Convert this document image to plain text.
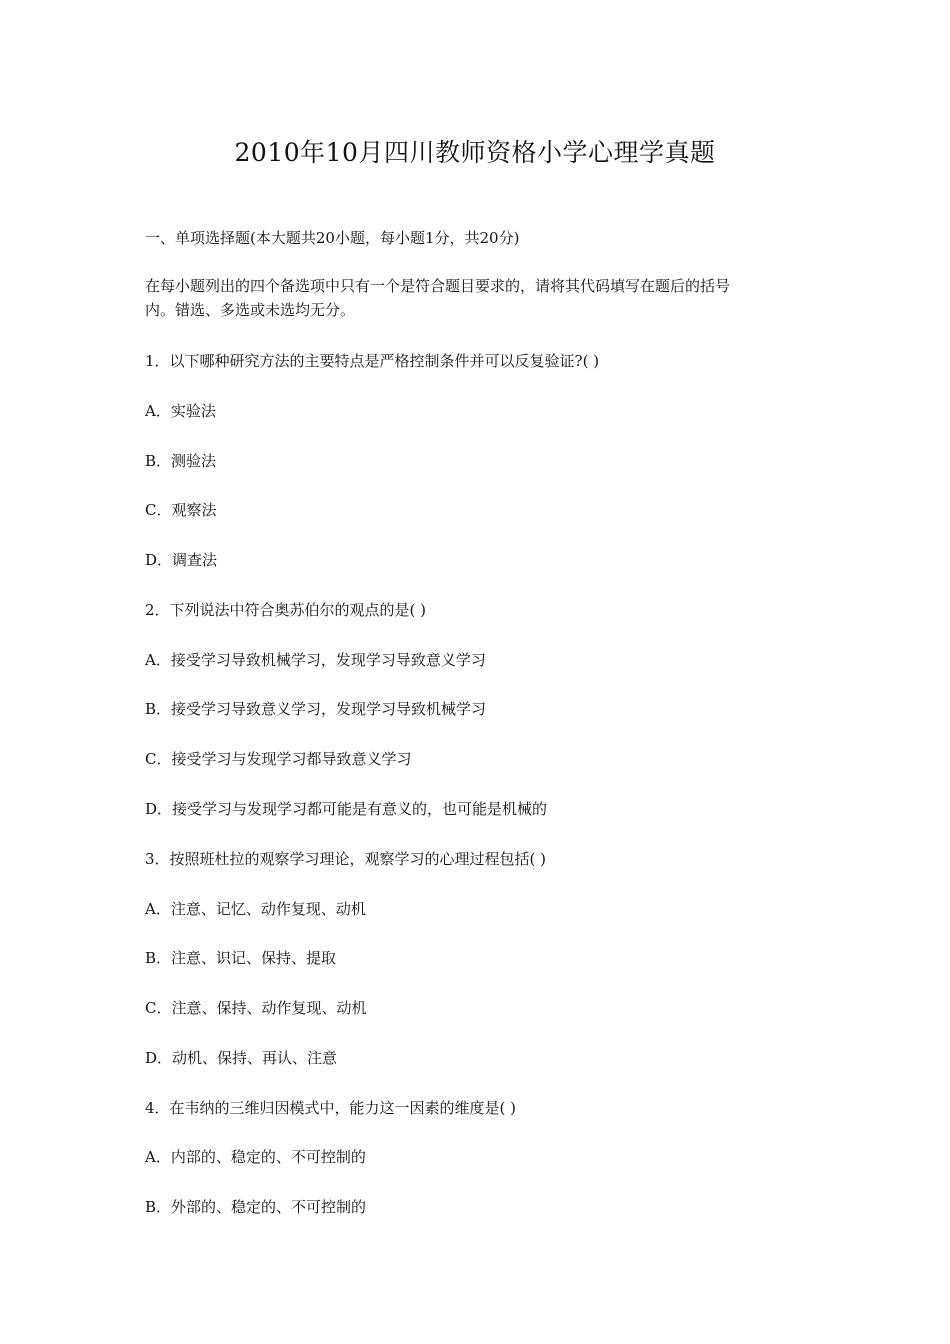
2010年10月四川教师资格小学心理学真题
一、单项选择题(本大题共20小题，每小题1分，共20分)
在每小题列出的四个备选项中只有一个是符合题目要求的，请将其代码填写在题后的括号
内。错选、多选或未选均无分。
1．以下哪种研究方法的主要特点是严格控制条件并可以反复验证?( )
A．实验法
B．测验法
C．观察法
D．调查法
2．下列说法中符合奥苏伯尔的观点的是( )
A．接受学习导致机械学习，发现学习导致意义学习
B．接受学习导致意义学习，发现学习导致机械学习
C．接受学习与发现学习都导致意义学习
D．接受学习与发现学习都可能是有意义的，也可能是机械的
3．按照班杜拉的观察学习理论，观察学习的心理过程包括( )
A．注意、记忆、动作复现、动机
B．注意、识记、保持、提取
C．注意、保持、动作复现、动机
D．动机、保持、再认、注意
4．在韦纳的三维归因模式中，能力这一因素的维度是( )
A．内部的、稳定的、不可控制的
B．外部的、稳定的、不可控制的
